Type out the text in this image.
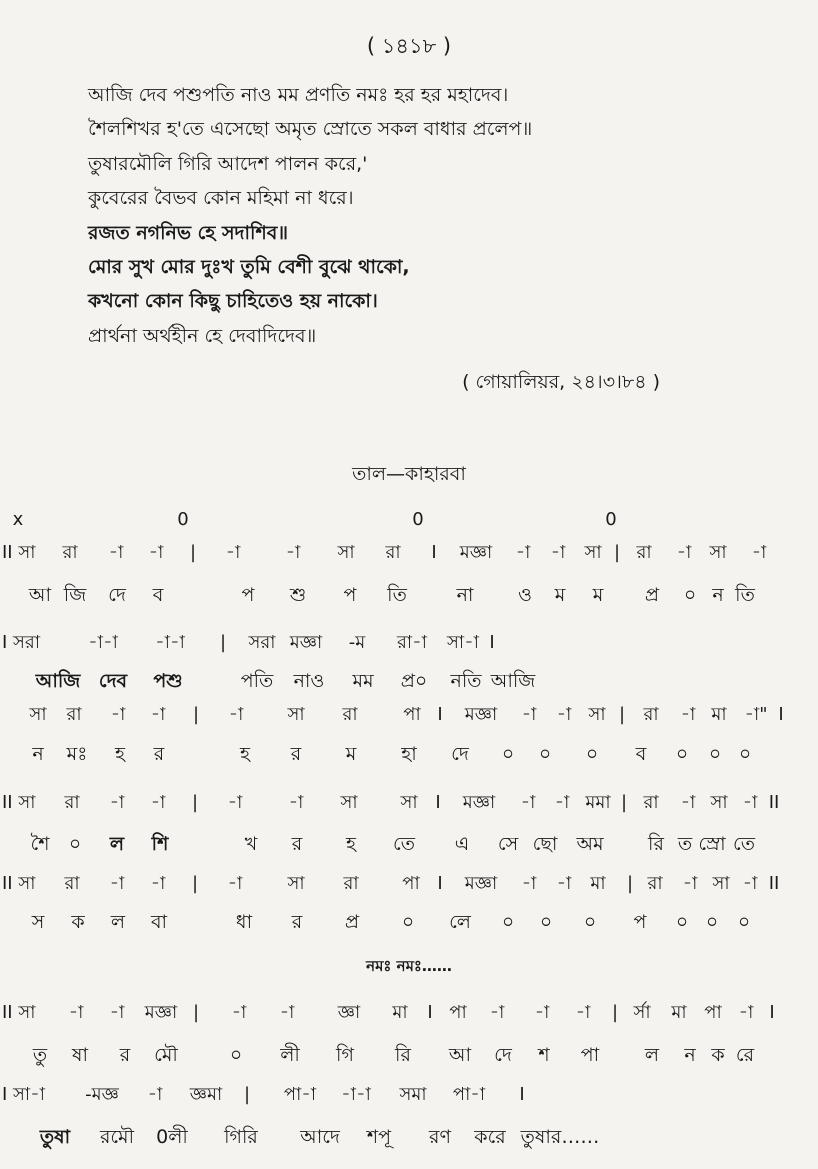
( ১৪১৮ )
আজি দেব পশুপতি নাও মম প্রণতি নমঃ হর হর মহাদেব।
শৈলশিখর হ'তে এসেছো অমৃত স্রোতে সকল বাধার প্রলেপ॥
তুষারমৌলি গিরি আদেশ পালন করে,'
কুবেরের বৈভব কোন মহিমা না ধরে।
রজত নগনিভ হে সদাশিব॥
মোর সুখ মোর দুঃখ তুমি বেশী বুঝে থাকো,
কখনো কোন কিছু চাহিতেও হয় নাকো।
প্রার্থনা অর্থহীন হে দেবাদিদেব॥
( গোয়ালিয়র, ২৪।৩।৮৪ )
তাল—কাহারবা
x	0	0	0
II সা রা -া -া | -া	-া সা রা I মজ্ঞা -া -া সা | রা -া সা -া
আ জি দে ব	প শু প তি	না ও ম ম প্র ০ ন তি
I সরা	-া-া -া-া | সরা মজ্ঞা -ম রা-া সা-া I
আজি দেব পশু	পতি নাও মম প্র০ নতি আজি
সা রা -া -া | -া সা রা	পা I মজ্ঞা -া -া সা | রা -া মা -া" I
ন মঃ হ র	হ র ম হা দে ০ ০ ০ ব ০ ০ ০
II সা রা -া -া | -া	-া সা সা I মজ্ঞা -া -া মমা | রা -া সা -া II
শৈ ০ ল শি	খ র হ তে এ সে ছো অম রি ত স্রো তে
II সা রা -া -া | -া	সা রা পা I মজ্ঞা -া -া মা | রা -া সা -া II
স ক ল বা	ধা র প্র ০ লে ০ ০ ০ প ০ ০ ০
নমঃ নমঃ……
II সা -া -া মজ্ঞা | -া -া জ্ঞা মা I পা -া -া -া | র্সা মা পা -া I
তু ষা র মৌ	০ লী গি রি আ দে শ পা ল ন ক রে
I সা-া -মজ্ঞ -া জ্ঞমা | পা-া -া-া সমা পা-া I
তুষা রমৌ 0লী গিরি আদে শপূ রণ করে তুষার……
